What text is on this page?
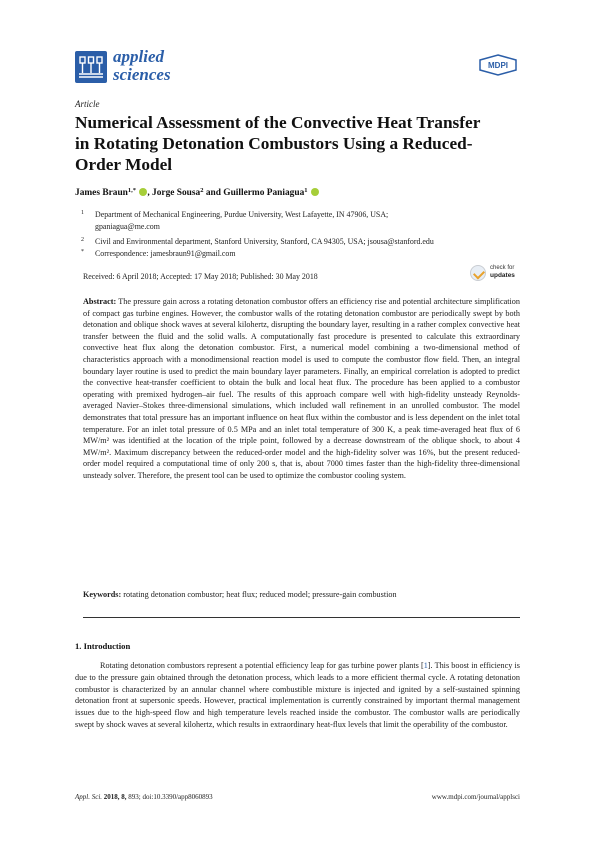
applied
sciences	MDPI
Article
Numerical Assessment of the Convective Heat Transfer in Rotating Detonation Combustors Using a Reduced-Order Model
James Braun$^{1,*}$ , Jorge Sousa$^2$ and Guillermo Paniagua$^1$
1 Department of Mechanical Engineering, Purdue University, West Lafayette, IN 47906, USA;
gpaniagua@me.com
2 Civil and Environmental department, Stanford University, Stanford, CA 94305, USA; jsousa@stanford.edu
* Correspondence: jamesbraun91@gmail.com
Received: 6 April 2018; Accepted: 17 May 2018; Published: 30 May 2018
check for
updates
Abstract: The pressure gain across a rotating detonation combustor offers an efficiency rise and potential architecture simplification of compact gas turbine engines. However, the combustor walls of the rotating detonation combustor are periodically swept by both detonation and oblique shock waves at several kilohertz, disrupting the boundary layer, resulting in a rather complex convective heat transfer between the fluid and the solid walls. A computationally fast procedure is presented to calculate this extraordinary convective heat flux along the detonation combustor. First, a numerical model combining a two-dimensional method of characteristics approach with a monodimensional reaction model is used to compute the combustor flow field. Then, an integral boundary layer routine is used to predict the main boundary layer parameters. Finally, an empirical correlation is adopted to predict the convective heat-transfer coefficient to obtain the bulk and local heat flux. The procedure has been applied to a combustor operating with premixed hydrogen–air fuel. The results of this approach compare well with high-fidelity unsteady Reynolds-averaged Navier–Stokes three-dimensional simulations, which included wall refinement in an unrolled combustor. The model demonstrates that total pressure has an important influence on heat flux within the combustor and is less dependent on the inlet total temperature. For an inlet total pressure of 0.5 MPa and an inlet total temperature of 300 K, a peak time-averaged heat flux of 6 MW/m² was identified at the location of the triple point, followed by a decrease downstream of the oblique shock, to about 4 MW/m². Maximum discrepancy between the reduced-order model and the high-fidelity solver was 16%, but the present reduced-order model required a computational time of only 200 s, that is, about 7000 times faster than the high-fidelity three-dimensional unsteady solver. Therefore, the present tool can be used to optimize the combustor cooling system.
Keywords: rotating detonation combustor; heat flux; reduced model; pressure-gain combustion
1. Introduction

Rotating detonation combustors represent a potential efficiency leap for gas turbine power plants [1]. This boost in efficiency is due to the pressure gain obtained through the detonation process, which leads to a more efficient thermal cycle. A rotating detonation combustor is characterized by an annular channel where combustible mixture is injected and ignited by a self-sustained spinning detonation front at supersonic speeds. However, practical implementation is currently constrained by important thermal management issues due to the high-speed flow and high temperature levels reached inside the combustor. The combustor walls are periodically swept by shock waves at several kilohertz, which results in extraordinary heat-flux levels that limit the operability of the combustor.

Appl. Sci. 2018, 8, 893; doi:10.3390/app8060893	www.mdpi.com/journal/applsci
